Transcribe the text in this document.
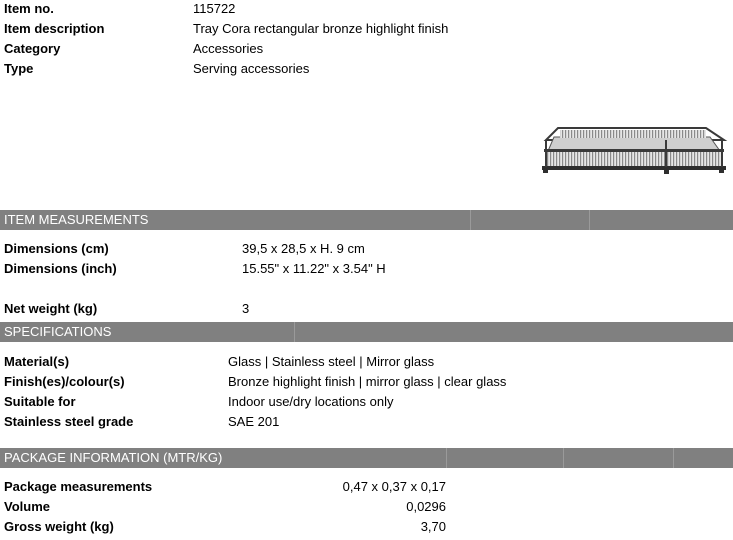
Item no.	115722
Item description	Tray Cora rectangular bronze highlight finish
Category	Accessories
Type	Serving accessories
ITEM MEASUREMENTS
Dimensions (cm)	39,5 x 28,5 x H. 9 cm
Dimensions (inch)	15.55" x 11.22" x 3.54" H
Net weight (kg)	3
SPECIFICATIONS
Material(s)	Glass | Stainless steel | Mirror glass
Finish(es)/colour(s)	Bronze highlight finish | mirror glass | clear glass
Suitable for	Indoor use/dry locations only
Stainless steel grade	SAE 201
PACKAGE INFORMATION (MTR/KG)
Package measurements	0,47 x 0,37 x 0,17
Volume	0,0296
Gross weight (kg)	3,70
